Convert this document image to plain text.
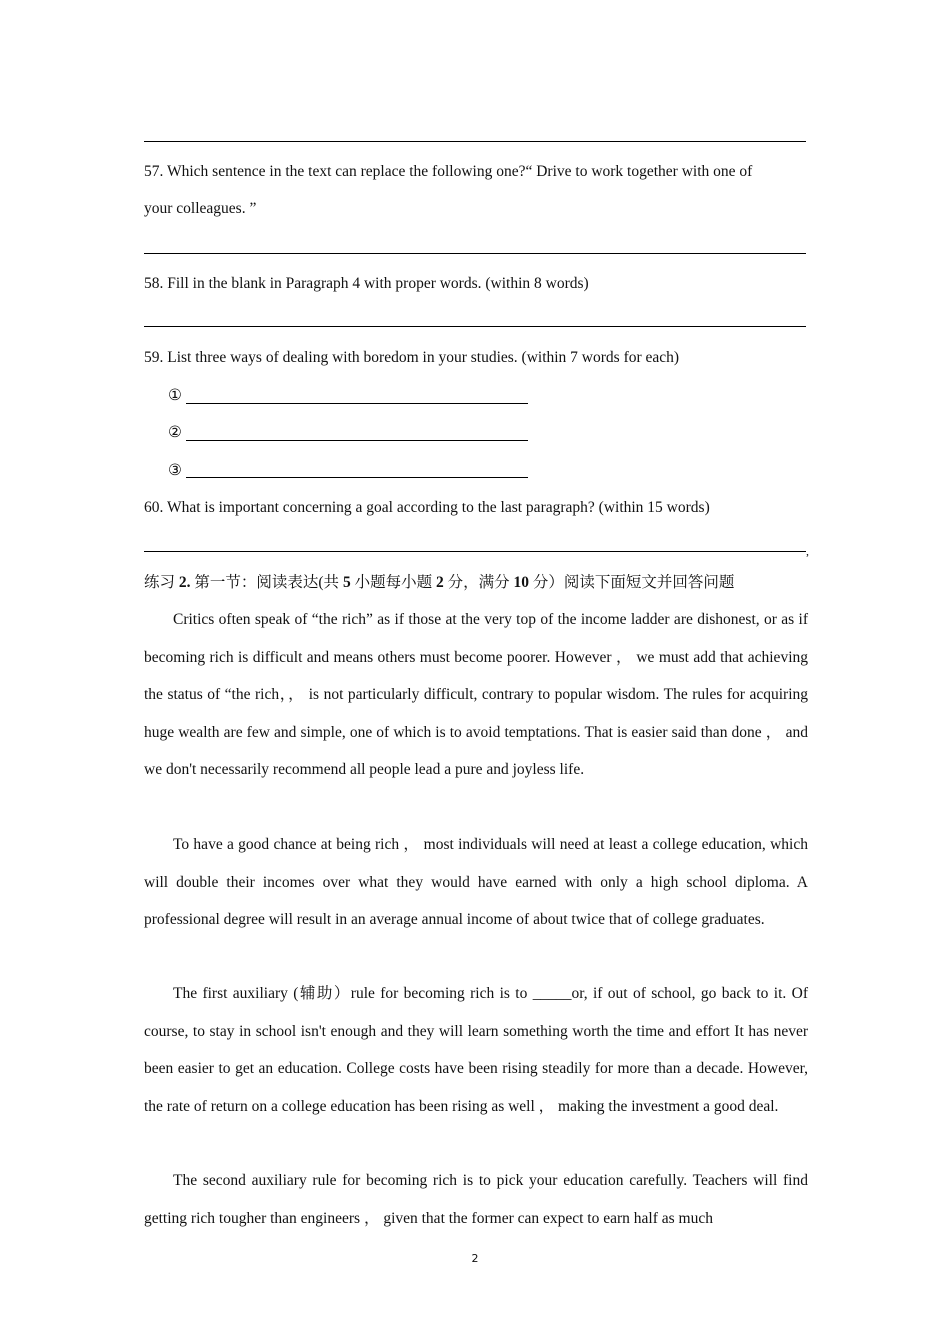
57. Which sentence in the text can replace the following one?“ Drive to work together with one of
your colleagues. ”
58. Fill in the blank in Paragraph 4 with proper words. (within 8 words)
59. List three ways of dealing with boredom in your studies. (within 7 words for each)
①
②
③
60. What is important concerning a goal according to the last paragraph? (within 15 words)
,
练习 2. 第一节：阅读表达(共 5 小题每小题 2 分，满分 10 分）阅读下面短文并回答问题
Critics often speak of “the rich” as if those at the very top of the income ladder are dishonest, or as if becoming rich is difficult and means others must become poorer. However ， we must add that achieving the status of “the rich，， is not particularly difficult, contrary to popular wisdom. The rules for acquiring huge wealth are few and simple, one of which is to avoid temptations. That is easier said than done ， and we don't necessarily recommend all people lead a pure and joyless life.
To have a good chance at being rich ， most individuals will need at least a college education, which will double their incomes over what they would have earned with only a high school diploma. A professional degree will result in an average annual income of about twice that of college graduates.
The first auxiliary (辅助）rule for becoming rich is to _____or, if out of school, go back to it. Of course, to stay in school isn't enough and they will learn something worth the time and effort It has never been easier to get an education. College costs have been rising steadily for more than a decade. However, the rate of return on a college education has been rising as well ， making the investment a good deal.
The second auxiliary rule for becoming rich is to pick your education carefully. Teachers will find getting rich tougher than engineers ， given that the former can expect to earn half as much
2
